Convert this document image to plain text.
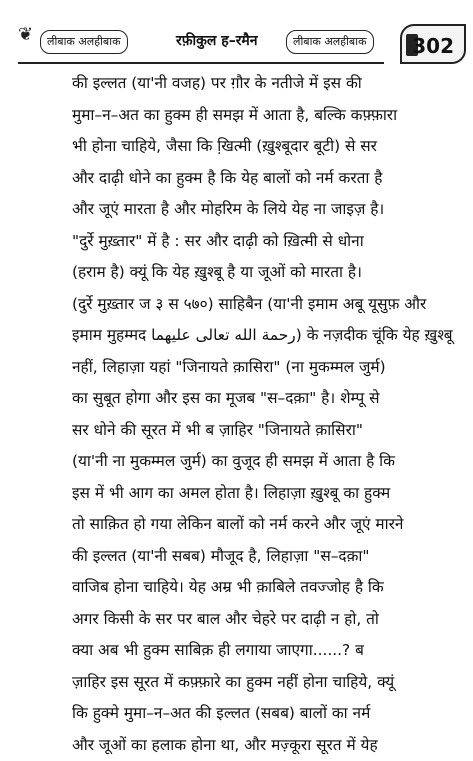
❦	लीबाक अलहीबाक	रफ़ीकुल ह–रमैन	लीबाक अलहीबाक	302
की इल्लत (या'नी वजह) पर ग़ौर के नतीजे में इस की
मुमा–न–अत का हुक्म ही समझ में आता है, बल्कि कफ़्फ़ारा
भी होना चाहिये, जैसा कि खि़त्मी (ख़ुश्बूदार बूटी) से सर
और दाढ़ी धोने का हुक्म है कि येह बालों को नर्म करता है
और जूएं मारता है और मोहरिम के लिये येह ना जाइज़ है।
"दुर्रे मुख़्तार" में है : सर और दाढ़ी को ख़ित्मी से धोना
(हराम है) क्यूं कि येह ख़ुश्बू है या जूओं को मारता है।
(दुर्रे मुख़्तार ज ३ स ५७०) साहिबैन (या'नी इमाम अबू यूसुफ़ और
इमाम मुहम्मद رحمة الله تعالى عليهما) के नज़दीक चूंकि येह ख़ुश्बू
नहीं, लिहाज़ा यहां "जिनायते क़ासिरा" (ना मुकम्मल जुर्म)
का सुबूत होगा और इस का मूजब "स–दक़ा" है। शेम्पू से
सर धोने की सूरत में भी ब ज़ाहिर "जिनायते क़ासिरा"
(या'नी ना मुकम्मल जुर्म) का वुजूद ही समझ में आता है कि
इस में भी आग का अमल होता है। लिहाज़ा ख़ुश्बू का हुक्म
तो साक़ित हो गया लेकिन बालों को नर्म करने और जूएं मारने
की इल्लत (या'नी सबब) मौजूद है, लिहाज़ा "स–दक़ा"
वाजिब होना चाहिये। येह अम्र भी क़ाबिले तवज्जोह है कि
अगर किसी के सर पर बाल और चेहरे पर दाढ़ी न हो, तो
क्या अब भी हुक्म साबिक़ ही लगाया जाएगा......? ब
ज़ाहिर इस सूरत में कफ़्फ़ारे का हुक्म नहीं होना चाहिये, क्यूं
कि हुक्मे मुमा–न–अत की इल्लत (सबब) बालों का नर्म
और जूओं का हलाक होना था, और मज़्कूरा सूरत में येह
